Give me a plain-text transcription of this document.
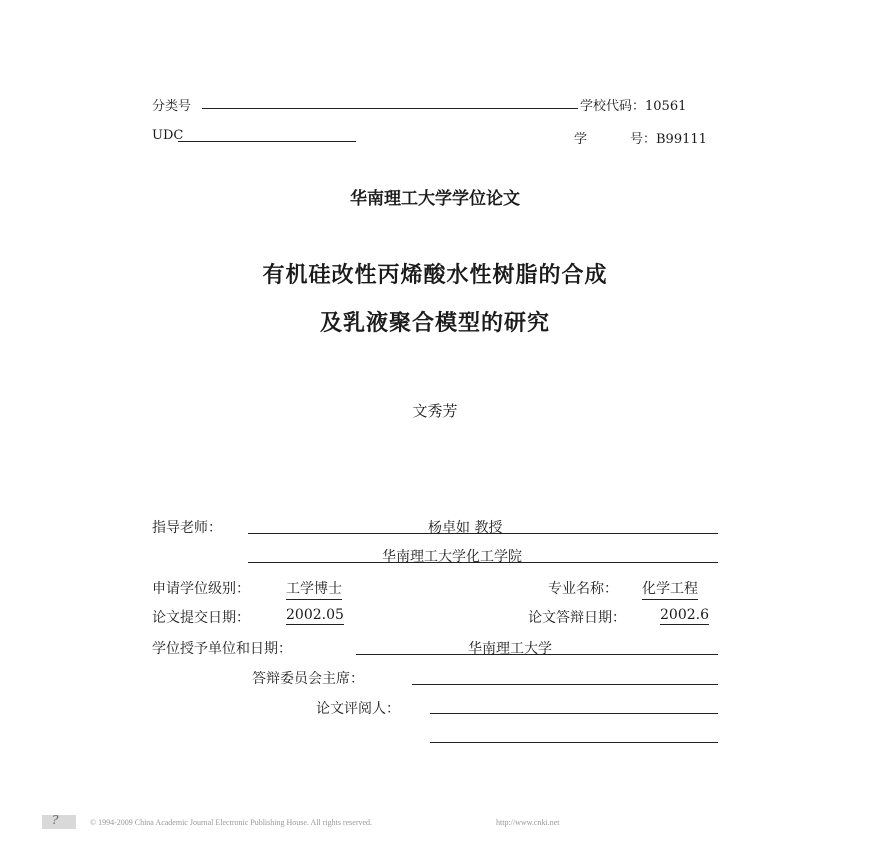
分类号	学校代码：10561
UDC	学	号：B99111
华南理工大学学位论文
有机硅改性丙烯酸水性树脂的合成
及乳液聚合模型的研究
文秀芳
指导老师：	杨卓如 教授
华南理工大学化工学院
申请学位级别：	工学博士	专业名称： 化学工程
论文提交日期：	2002.05	论文答辩日期： 2002.6
学位授予单位和日期：	华南理工大学
答辩委员会主席：
论文评阅人：
?	© 1994-2009 China Academic Journal Electronic Publishing House. All rights reserved.	http://www.cnki.net
